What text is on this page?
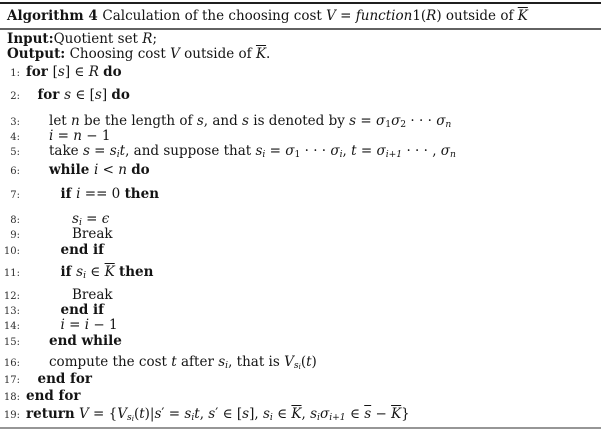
Algorithm 4 Calculation of the choosing cost V = function1(R) outside of $\overline{K}$
Input:Quotient set R;
Output: Choosing cost V outside of $\overline{K}$.
1: for [s] ∈ R do
2: for s ∈ [s] do
3: let n be the length of s, and s is denoted by s = σ1σ2 · · · σn
4: i = n − 1
5: take s = sit, and suppose that si = σ1 · · · σi, t = σi+1 · · · , σn
6: while i < n do
7:	if i == 0 then
8:	si = ϵ
9:	Break
10:	end if
11:	if si ∈ $\overline{K}$ then
12:	Break
13:	end if
14:	i = i − 1
15: end while
16: compute the cost t after si, that is $Vs_i(t)$
17: end for
18: end for
19: return $V = \{Vs_i(t)|s'$ = sit, s′ ∈ [s], si ∈ $\overline{K}$, siσi+1 ∈ $\overline{s} - \overline{K}$}
